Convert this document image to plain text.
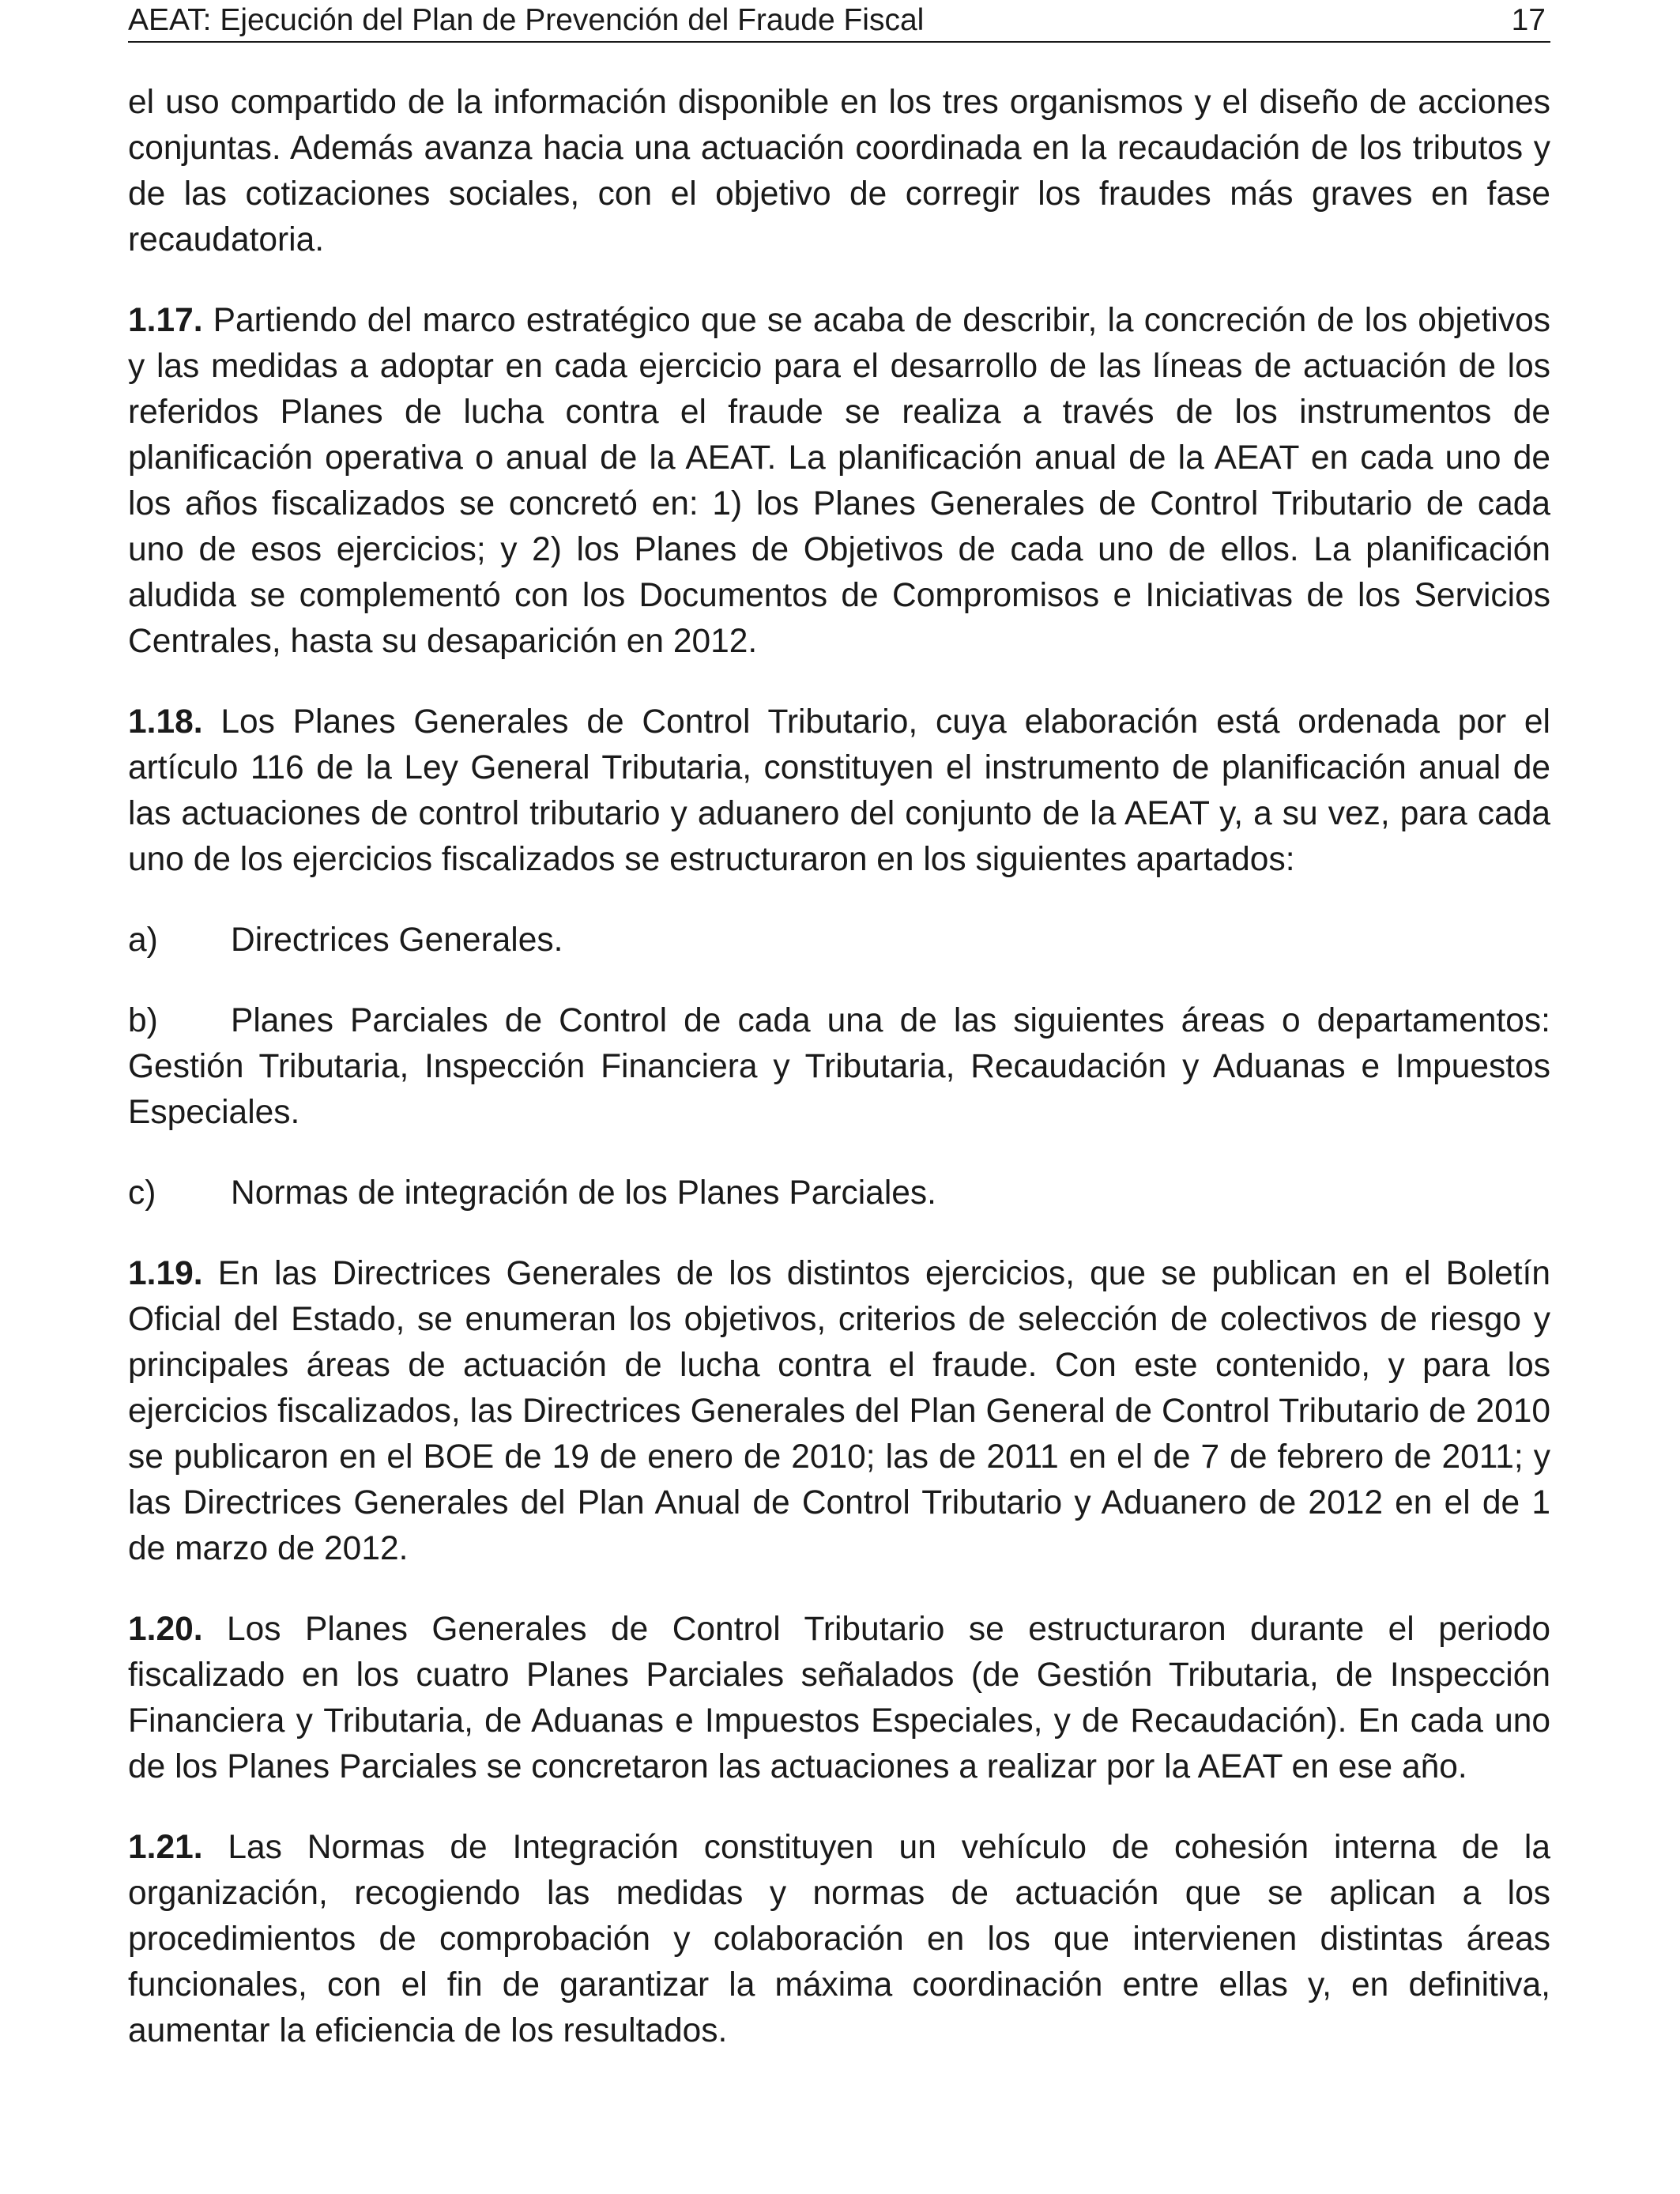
AEAT: Ejecución del Plan de Prevención del Fraude Fiscal	17

el uso compartido de la información disponible en los tres organismos y el diseño de acciones conjuntas. Además avanza hacia una actuación coordinada en la recaudación de los tributos y de las cotizaciones sociales, con el objetivo de corregir los fraudes más graves en fase recaudatoria.

1.17. Partiendo del marco estratégico que se acaba de describir, la concreción de los objetivos y las medidas a adoptar en cada ejercicio para el desarrollo de las líneas de actuación de los referidos Planes de lucha contra el fraude se realiza a través de los instrumentos de planificación operativa o anual de la AEAT. La planificación anual de la AEAT en cada uno de los años fiscalizados se concretó en: 1) los Planes Generales de Control Tributario de cada uno de esos ejercicios; y 2) los Planes de Objetivos de cada uno de ellos. La planificación aludida se complementó con los Documentos de Compromisos e Iniciativas de los Servicios Centrales, hasta su desaparición en 2012.

1.18. Los Planes Generales de Control Tributario, cuya elaboración está ordenada por el artículo 116 de la Ley General Tributaria, constituyen el instrumento de planificación anual de las actuaciones de control tributario y aduanero del conjunto de la AEAT y, a su vez, para cada uno de los ejercicios fiscalizados se estructuraron en los siguientes apartados:

a) Directrices Generales.

b) Planes Parciales de Control de cada una de las siguientes áreas o departamentos: Gestión Tributaria, Inspección Financiera y Tributaria, Recaudación y Aduanas e Impuestos Especiales.

c) Normas de integración de los Planes Parciales.

1.19. En las Directrices Generales de los distintos ejercicios, que se publican en el Boletín Oficial del Estado, se enumeran los objetivos, criterios de selección de colectivos de riesgo y principales áreas de actuación de lucha contra el fraude. Con este contenido, y para los ejercicios fiscalizados, las Directrices Generales del Plan General de Control Tributario de 2010 se publicaron en el BOE de 19 de enero de 2010; las de 2011 en el de 7 de febrero de 2011; y las Directrices Generales del Plan Anual de Control Tributario y Aduanero de 2012 en el de 1 de marzo de 2012.

1.20. Los Planes Generales de Control Tributario se estructuraron durante el periodo fiscalizado en los cuatro Planes Parciales señalados (de Gestión Tributaria, de Inspección Financiera y Tributaria, de Aduanas e Impuestos Especiales, y de Recaudación). En cada uno de los Planes Parciales se concretaron las actuaciones a realizar por la AEAT en ese año.

1.21. Las Normas de Integración constituyen un vehículo de cohesión interna de la organización, recogiendo las medidas y normas de actuación que se aplican a los procedimientos de comprobación y colaboración en los que intervienen distintas áreas funcionales, con el fin de garantizar la máxima coordinación entre ellas y, en definitiva, aumentar la eficiencia de los resultados.
